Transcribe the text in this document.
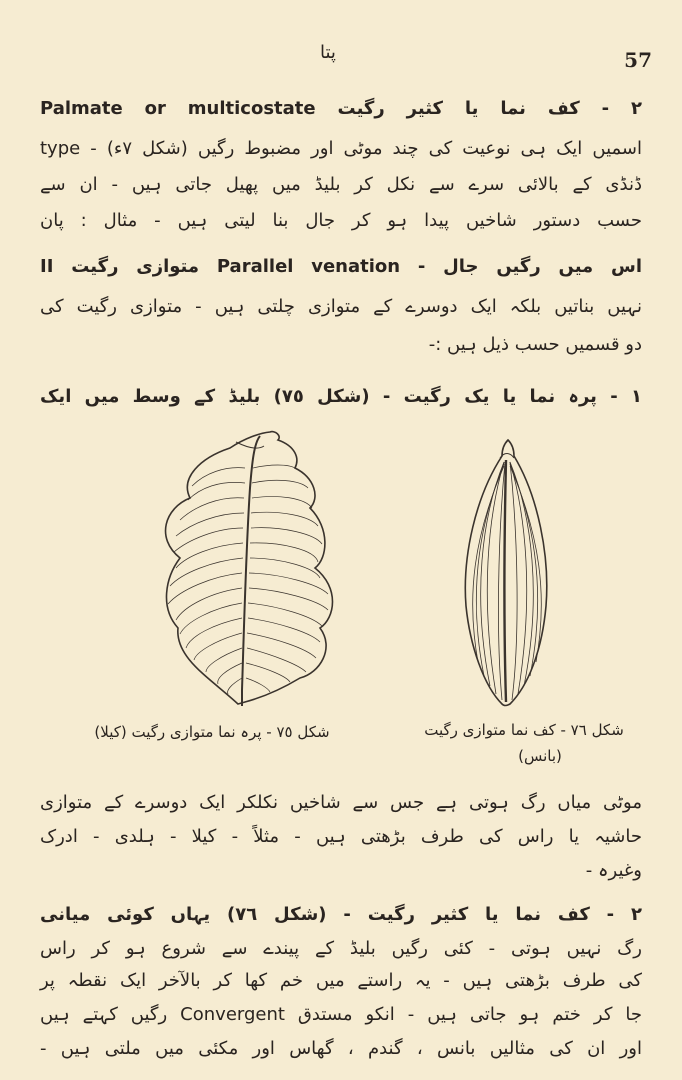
پتا	57
٢ - کف نما یا کثیر رگیت Palmate or multicostate
type - (شکل ٧ء) اسمیں ایک ہی نوعیت کی چند موٹی اور مضبوط رگیں
ڈنڈی کے بالائی سرے سے نکل کر بلیڈ میں پھیل جاتی ہیں - ان سے
حسب دستور شاخیں پیدا ہو کر جال بنا لیتی ہیں - مثال : پان
II متوازی رگیت Parallel venation - اس میں رگیں جال
نہیں بناتیں بلکہ ایک دوسرے کے متوازی چلتی ہیں - متوازی رگیت کی
دو قسمیں حسب ذیل ہیں :-
١ - پرہ نما یا یک رگیت - (شکل ٧٥) بلیڈ کے وسط میں ایک
شکل ٧٥ - پرہ نما متوازی رگیت (کیلا)	شکل ٧٦ - کف نما متوازی رگیت
(بانس)
موٹی میاں رگ ہوتی ہے جس سے شاخیں نکلکر ایک دوسرے کے متوازی
حاشیہ یا راس کی طرف بڑھتی ہیں - مثلاً - کیلا - ہلدی - ادرک
وغیرہ -
٢ - کف نما یا کثیر رگیت - (شکل ٧٦) یہاں کوئی میانی
رگ نہیں ہوتی - کئی رگیں بلیڈ کے پیندے سے شروع ہو کر راس
کی طرف بڑھتی ہیں - یہ راستے میں خم کھا کر بالآخر ایک نقطہ پر
جا کر ختم ہو جاتی ہیں - انکو مستدق Convergent رگیں کہتے ہیں
اور ان کی مثالیں بانس ، گندم ، گھاس اور مکئی میں ملتی ہیں -
